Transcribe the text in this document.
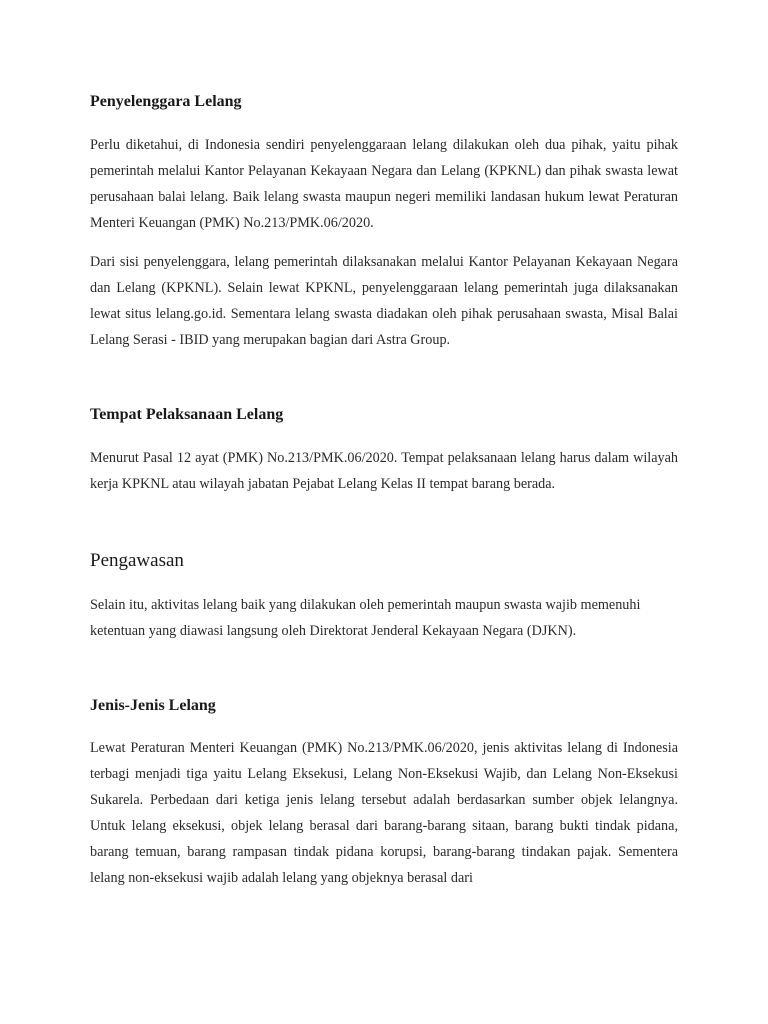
Penyelenggara Lelang

Perlu diketahui, di Indonesia sendiri penyelenggaraan lelang dilakukan oleh dua pihak, yaitu pihak pemerintah melalui Kantor Pelayanan Kekayaan Negara dan Lelang (KPKNL) dan pihak swasta lewat perusahaan balai lelang. Baik lelang swasta maupun negeri memiliki landasan hukum lewat Peraturan Menteri Keuangan (PMK) No.213/PMK.06/2020.

Dari sisi penyelenggara, lelang pemerintah dilaksanakan melalui Kantor Pelayanan Kekayaan Negara dan Lelang (KPKNL). Selain lewat KPKNL, penyelenggaraan lelang pemerintah juga dilaksanakan lewat situs lelang.go.id. Sementara lelang swasta diadakan oleh pihak perusahaan swasta, Misal Balai Lelang Serasi - IBID yang merupakan bagian dari Astra Group.

Tempat Pelaksanaan Lelang

Menurut Pasal 12 ayat (PMK) No.213/PMK.06/2020. Tempat pelaksanaan lelang harus dalam wilayah kerja KPKNL atau wilayah jabatan Pejabat Lelang Kelas II tempat barang berada.

Pengawasan

Selain itu, aktivitas lelang baik yang dilakukan oleh pemerintah maupun swasta wajib memenuhi ketentuan yang diawasi langsung oleh Direktorat Jenderal Kekayaan Negara (DJKN).

Jenis-Jenis Lelang

Lewat Peraturan Menteri Keuangan (PMK) No.213/PMK.06/2020, jenis aktivitas lelang di Indonesia terbagi menjadi tiga yaitu Lelang Eksekusi, Lelang Non-Eksekusi Wajib, dan Lelang Non-Eksekusi Sukarela. Perbedaan dari ketiga jenis lelang tersebut adalah berdasarkan sumber objek lelangnya. Untuk lelang eksekusi, objek lelang berasal dari barang-barang sitaan, barang bukti tindak pidana, barang temuan, barang rampasan tindak pidana korupsi, barang-barang tindakan pajak. Sementera lelang non-eksekusi wajib adalah lelang yang objeknya berasal dari
